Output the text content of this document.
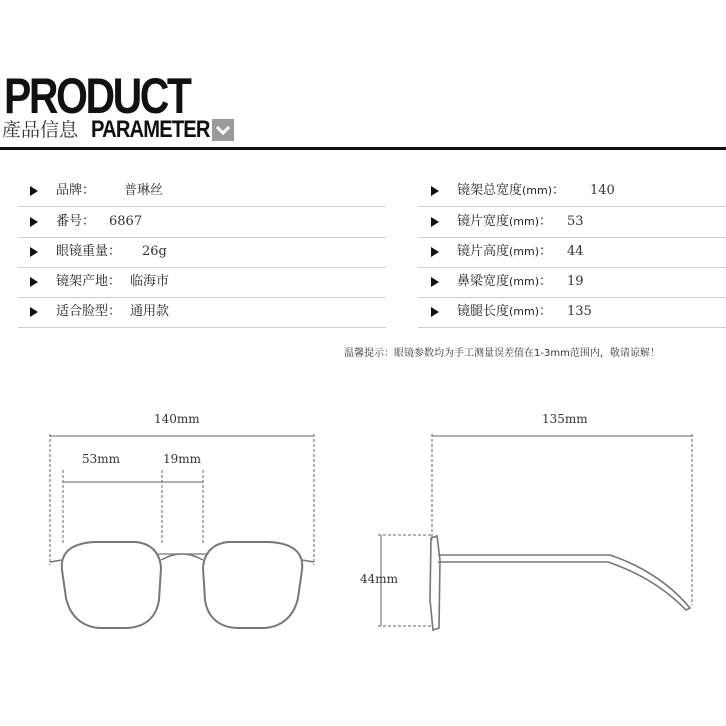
PRODUCT
產品信息 PARAMETER
品牌： 普琳丝
番号： 6867
眼镜重量： 26g
镜架产地： 临海市
适合脸型： 通用款
镜架总宽度(mm)： 140
镜片宽度(mm)： 53
镜片高度(mm)： 44
鼻梁宽度(mm)： 19
镜腿长度(mm)： 135
温馨提示：眼镜参数均为手工测量误差值在1-3mm范围内，敬请谅解！
140mm
53mm	19mm
135mm
44mm
